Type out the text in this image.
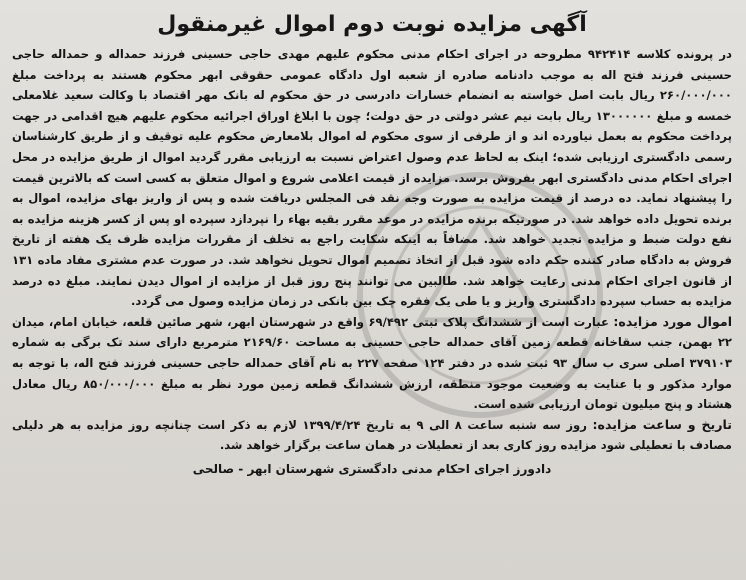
آگهی مزایده نوبت دوم اموال غیرمنقول

در پرونده کلاسه ۹۴۲۴۱۴ مطروحه در اجرای احکام مدنی محکوم علیهم مهدی حاجی حسینی فرزند حمداله و حمداله حاجی حسینی فرزند فتح اله به موجب دادنامه صادره از شعبه اول دادگاه عمومی حقوقی ابهر محکوم هستند به پرداخت مبلغ ۲۶۰/۰۰۰/۰۰۰ ریال بابت اصل خواسته به انضمام خسارات دادرسی در حق محکوم له بانک مهر اقتصاد با وکالت سعید غلامعلی خمسه و مبلغ ۱۳۰۰۰۰۰۰ ریال بابت نیم عشر دولتی در حق دولت؛ چون با ابلاغ اوراق اجرائیه محکوم علیهم هیچ اقدامی در جهت پرداخت محکوم به بعمل نیاورده اند و از طرفی از سوی محکوم له اموال بلامعارض محکوم علیه توقیف و از طریق کارشناسان رسمی دادگستری ارزیابی شده؛ اینک به لحاظ عدم وصول اعتراض نسبت به ارزیابی مقرر گردید اموال از طریق مزایده در محل اجرای احکام مدنی دادگستری ابهر بفروش برسد. مزایده از قیمت اعلامی شروع و اموال متعلق به کسی است که بالاترین قیمت را پیشنهاد نماید. ده درصد از قیمت مزایده به صورت وجه نقد فی المجلس دریافت شده و پس از واریز بهای مزایده، اموال به برنده تحویل داده خواهد شد. در صورتیکه برنده مزایده در موعد مقرر بقیه بهاء را نپردازد سپرده او پس از کسر هزینه مزایده به نفع دولت ضبط و مزایده تجدید خواهد شد. مضافاً به اینکه شکایت راجع به تخلف از مقررات مزایده ظرف یک هفته از تاریخ فروش به دادگاه صادر کننده حکم داده شود قبل از اتخاذ تصمیم اموال تحویل نخواهد شد. در صورت عدم مشتری مفاد ماده ۱۳۱ از قانون اجرای احکام مدنی رعایت خواهد شد. طالبین می توانند پنج روز قبل از مزایده از اموال دیدن نمایند. مبلغ ده درصد مزایده به حساب سپرده دادگستری واریز و یا طی یک فقره چک بین بانکی در زمان مزایده وصول می گردد.

اموال مورد مزایده: عبارت است از ششدانگ پلاک ثبتی ۶۹/۴۹۲ واقع در شهرستان ابهر، شهر صائین قلعه، خیابان امام، میدان ۲۲ بهمن، جنب سقاخانه قطعه زمین آقای حمداله حاجی حسینی به مساحت ۲۱۶۹/۶۰ مترمربع دارای سند تک برگی به شماره ۳۷۹۱۰۳ اصلی سری ب سال ۹۳ ثبت شده در دفتر ۱۲۴ صفحه ۲۲۷ به نام آقای حمداله حاجی حسینی فرزند فتح اله، با توجه به موارد مذکور و با عنایت به وضعیت موجود منطقه، ارزش ششدانگ قطعه زمین مورد نظر به مبلغ ۸۵۰/۰۰۰/۰۰۰ ریال معادل هشتاد و پنج میلیون تومان ارزیابی شده است.

تاریخ و ساعت مزایده: روز سه شنبه ساعت ۸ الی ۹ به تاریخ ۱۳۹۹/۴/۲۴ لازم به ذکر است چنانچه روز مزایده به هر دلیلی مصادف با تعطیلی شود مزایده روز کاری بعد از تعطیلات در همان ساعت برگزار خواهد شد.

دادورز اجرای احکام مدنی دادگستری شهرستان ابهر - صالحی
